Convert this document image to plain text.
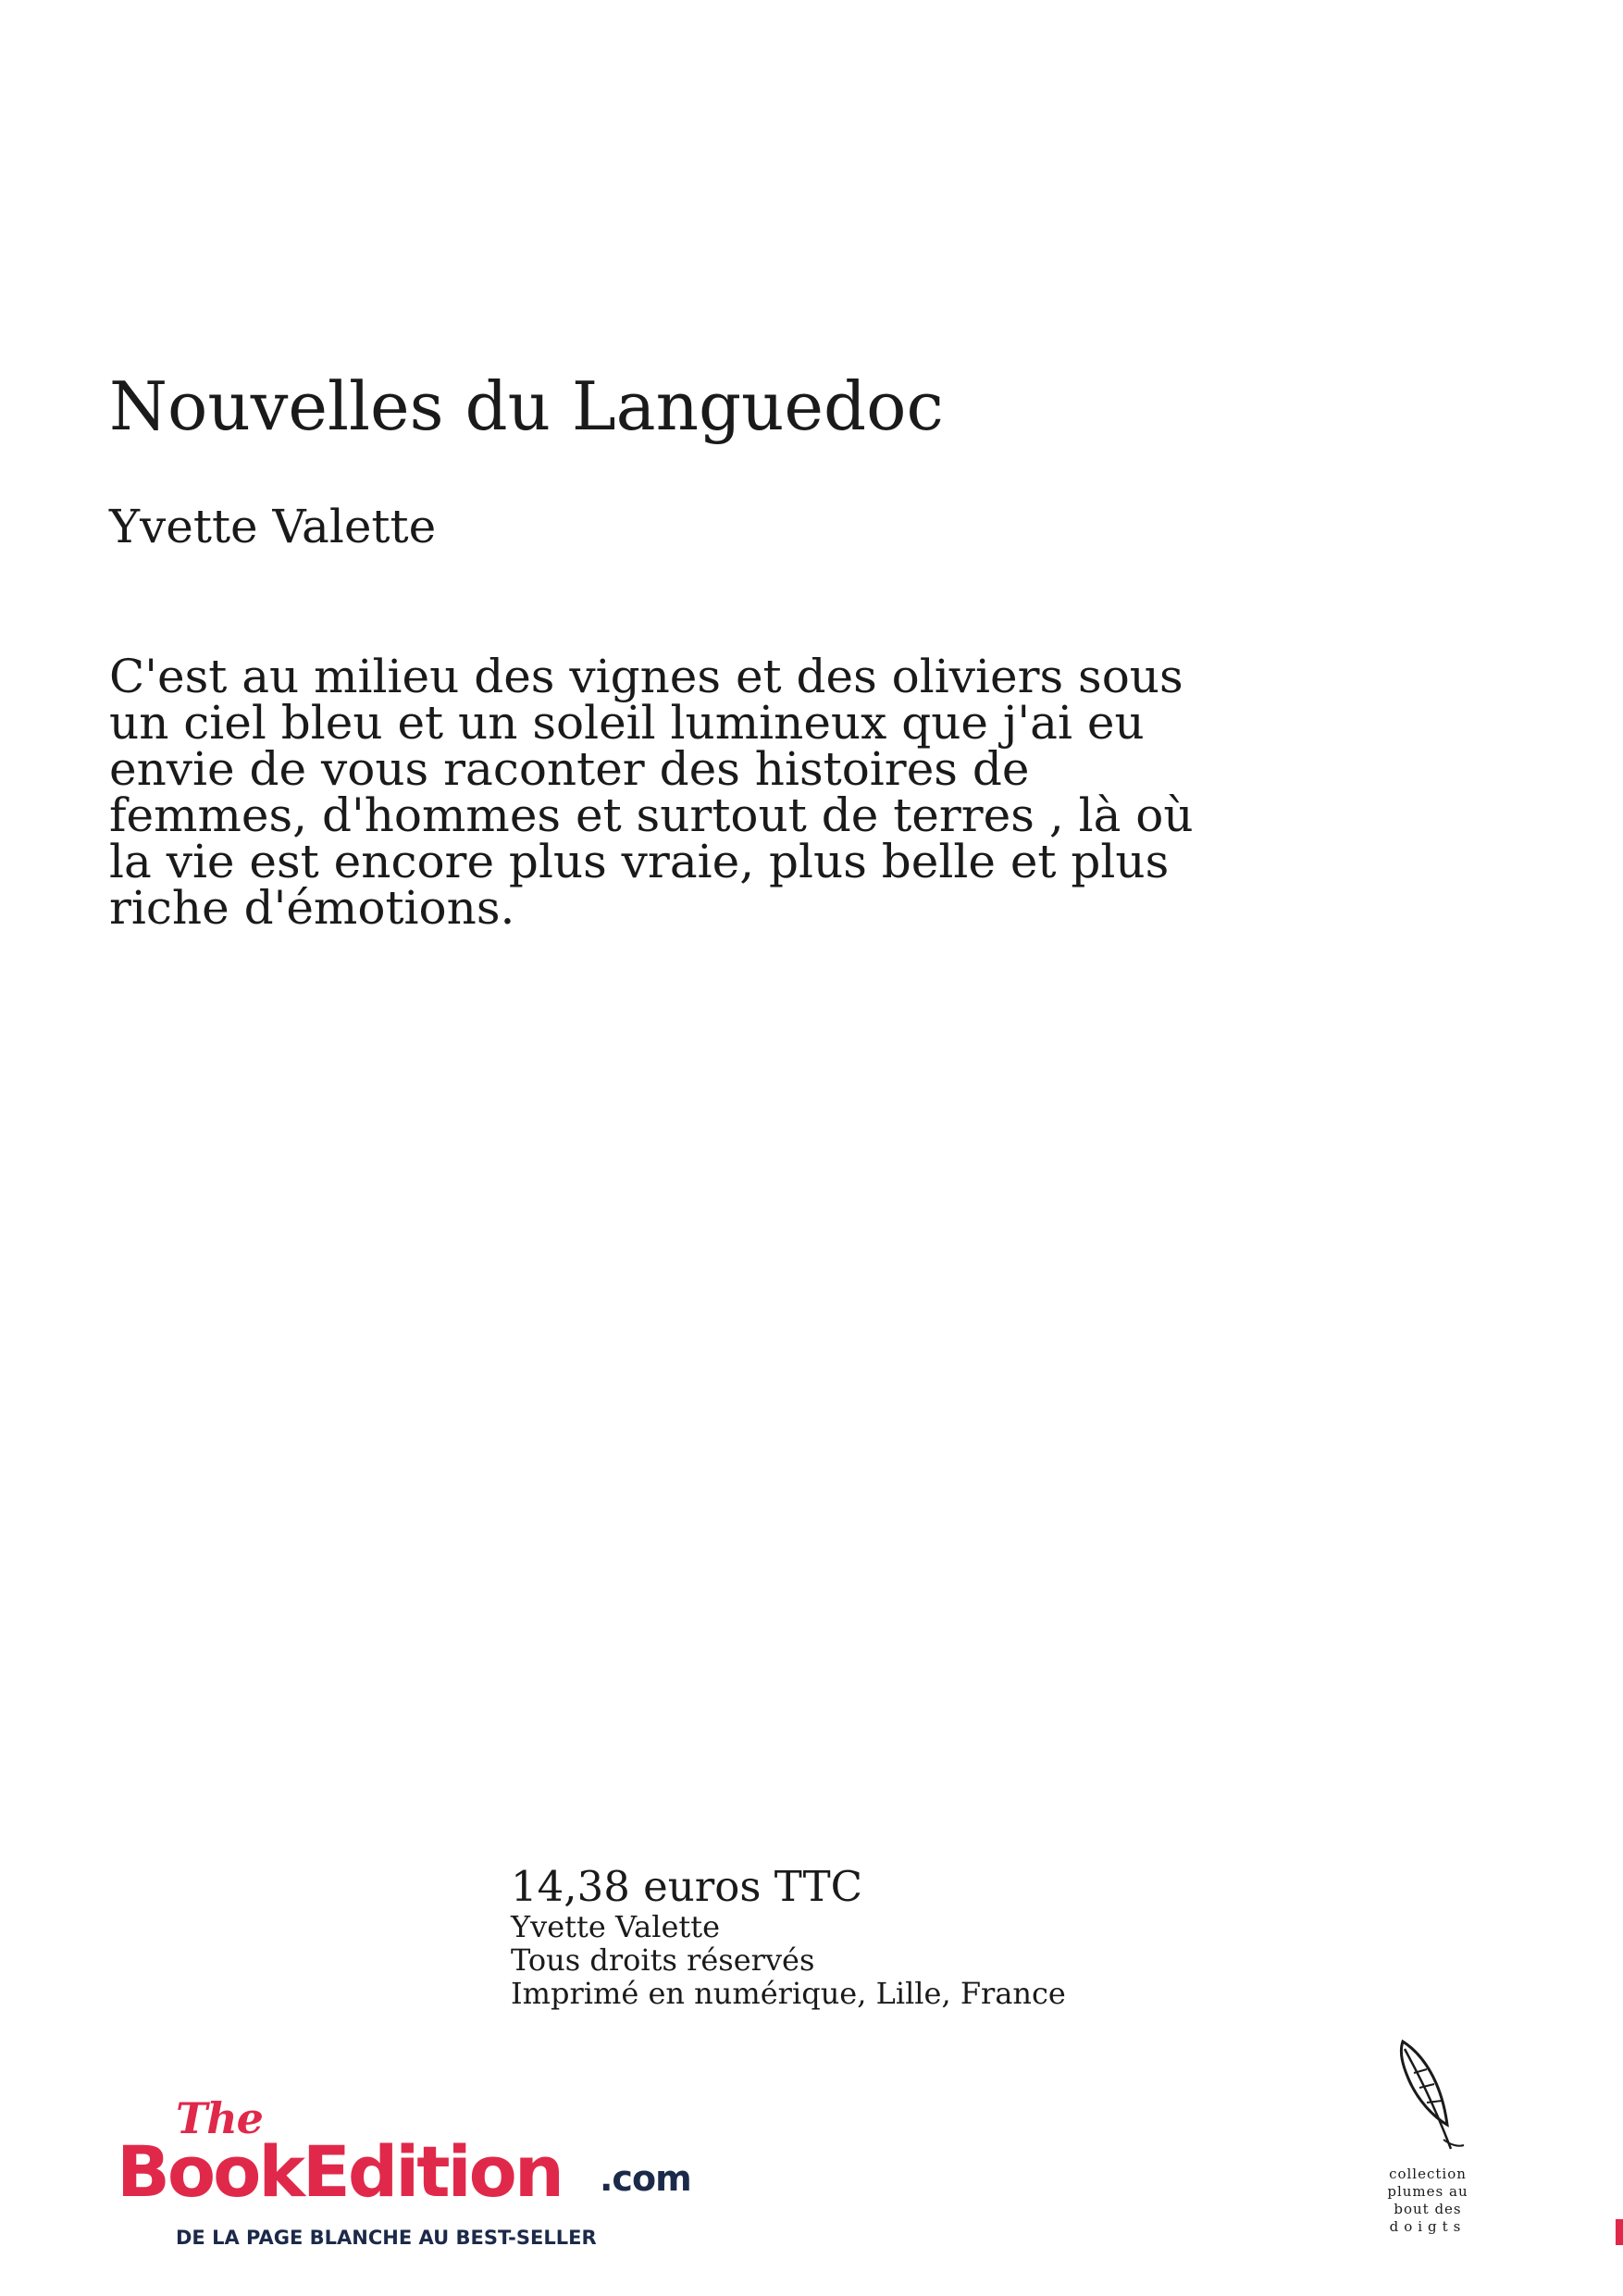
Nouvelles du Languedoc
Yvette Valette
C'est au milieu des vignes et des oliviers sous
un ciel bleu et un soleil lumineux que j'ai eu
envie de vous raconter des histoires de
femmes, d'hommes et surtout de terres , là où
la vie est encore plus vraie, plus belle et plus
riche d'émotions.
14,38 euros TTC
Yvette Valette
Tous droits réservés
Imprimé en numérique, Lille, France
The
BookEdition .com
DE LA PAGE BLANCHE AU BEST-SELLER
collection
plumes au
bout des
doigts
